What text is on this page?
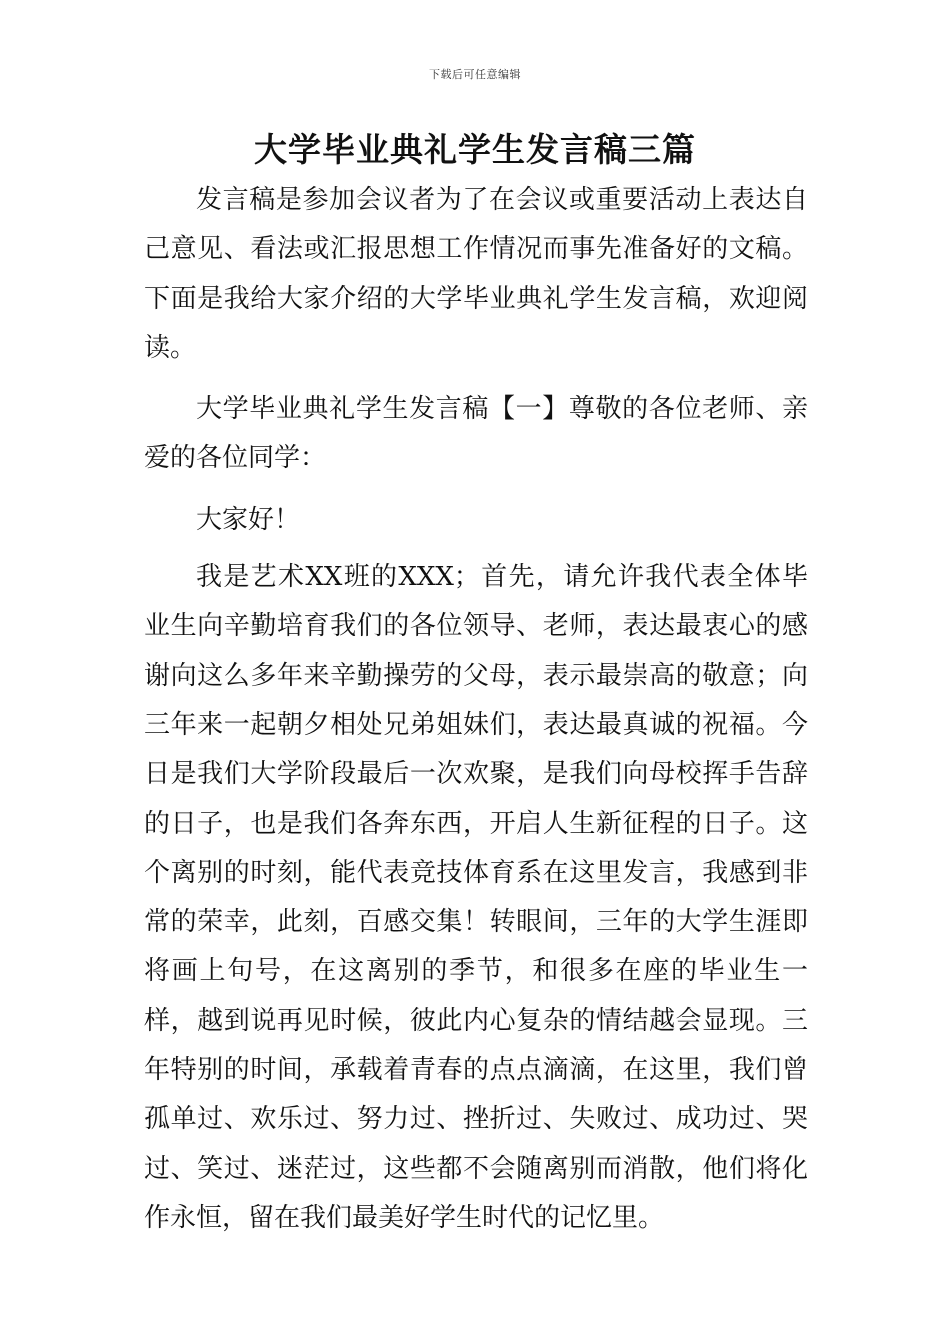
下载后可任意编辑
大学毕业典礼学生发言稿三篇

发言稿是参加会议者为了在会议或重要活动上表达自己意见、看法或汇报思想工作情况而事先准备好的文稿。下面是我给大家介绍的大学毕业典礼学生发言稿，欢迎阅读。

大学毕业典礼学生发言稿【一】尊敬的各位老师、亲爱的各位同学：

大家好！

我是艺术XX班的XXX；首先，请允许我代表全体毕业生向辛勤培育我们的各位领导、老师，表达最衷心的感谢向这么多年来辛勤操劳的父母，表示最崇高的敬意；向三年来一起朝夕相处兄弟姐妹们，表达最真诚的祝福。今日是我们大学阶段最后一次欢聚，是我们向母校挥手告辞的日子，也是我们各奔东西，开启人生新征程的日子。这个离别的时刻，能代表竞技体育系在这里发言，我感到非常的荣幸，此刻，百感交集！转眼间，三年的大学生涯即将画上句号，在这离别的季节，和很多在座的毕业生一样，越到说再见时候，彼此内心复杂的情结越会显现。三年特别的时间，承载着青春的点点滴滴，在这里，我们曾孤单过、欢乐过、努力过、挫折过、失败过、成功过、哭过、笑过、迷茫过，这些都不会随离别而消散，他们将化作永恒，留在我们最美好学生时代的记忆里。
